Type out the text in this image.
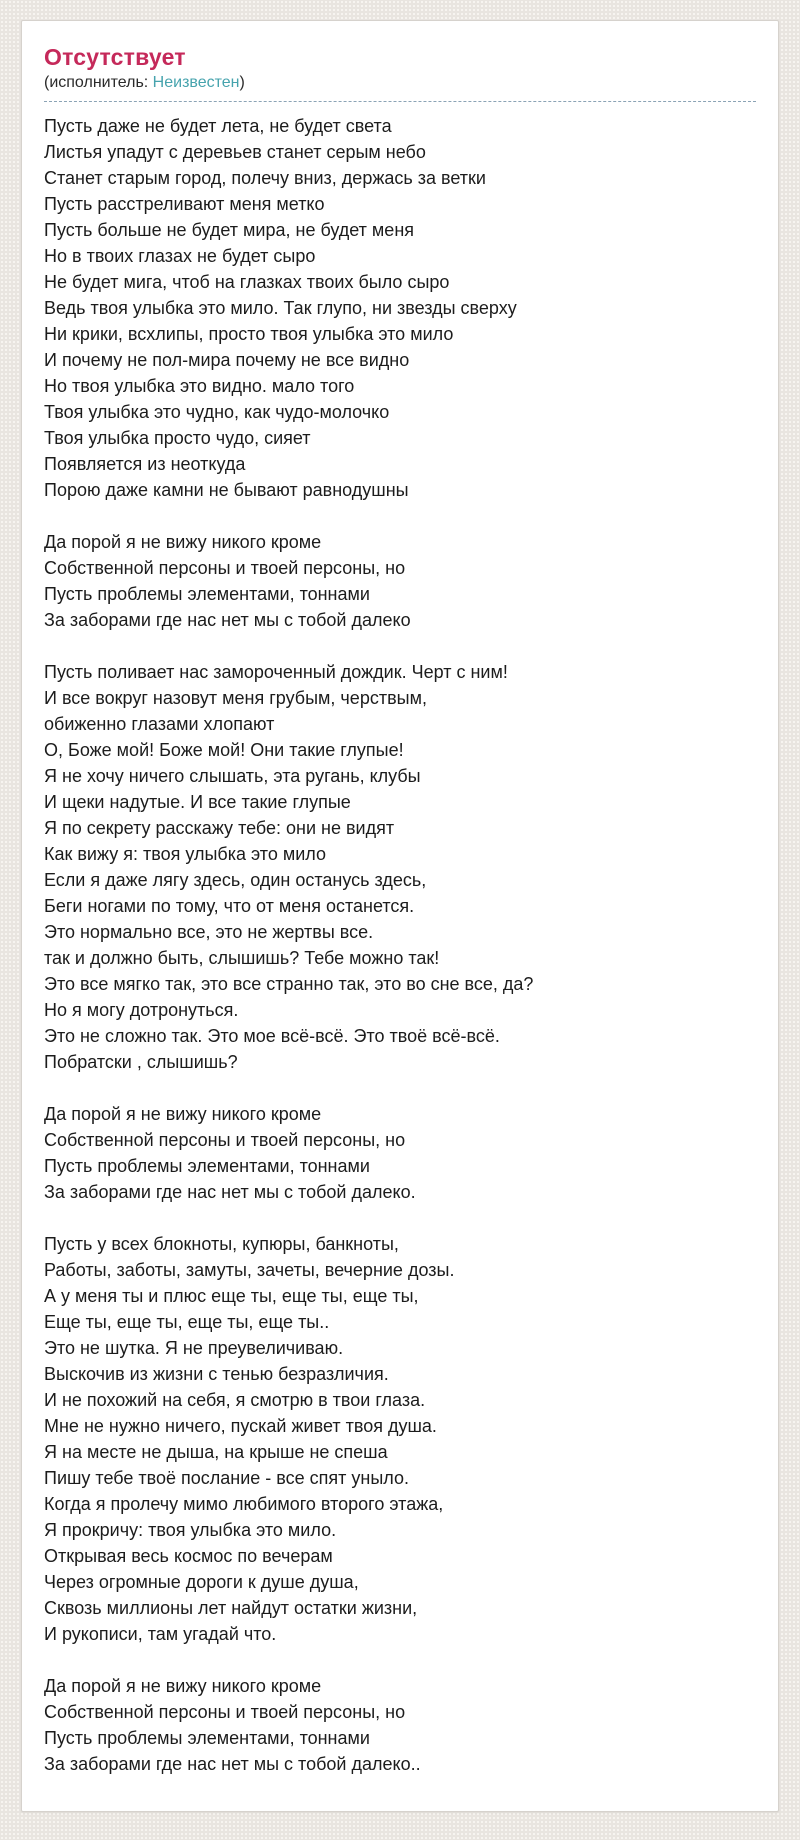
Отсутствует

(исполнитель: Неизвестен)

Пусть даже не будет лета, не будет света
Листья упадут с деревьев станет серым небо
Станет старым город, полечу вниз, держась за ветки
Пусть расстреливают меня метко
Пусть больше не будет мира, не будет меня
Но в твоих глазах не будет сыро
Не будет мига, чтоб на глазках твоих было сыро
Ведь твоя улыбка это мило. Так глупо, ни звезды сверху
Ни крики, всхлипы, просто твоя улыбка это мило
И почему не пол-мира почему не все видно
Но твоя улыбка это видно. мало того
Твоя улыбка это чудно, как чудо-молочко
Твоя улыбка просто чудо, сияет
Появляется из неоткуда
Порою даже камни не бывают равнодушны

Да порой я не вижу никого кроме
Собственной персоны и твоей персоны, но
Пусть проблемы элементами, тоннами
За заборами где нас нет мы с тобой далеко

Пусть поливает нас замороченный дождик. Черт с ним!
И все вокруг назовут меня грубым, черствым,
обиженно глазами хлопают
О, Боже мой! Боже мой! Они такие глупые!
Я не хочу ничего слышать, эта ругань, клубы
И щеки надутые. И все такие глупые
Я по секрету расскажу тебе: они не видят
Как вижу я: твоя улыбка это мило
Если я даже лягу здесь, один останусь здесь,
Беги ногами по тому, что от меня останется.
Это нормально все, это не жертвы все.
так и должно быть, слышишь? Тебе можно так!
Это все мягко так, это все странно так, это во сне все, да?
Но я могу дотронуться.
Это не сложно так. Это мое всё-всё. Это твоё всё-всё.
Побратски , слышишь?

Да порой я не вижу никого кроме
Собственной персоны и твоей персоны, но
Пусть проблемы элементами, тоннами
За заборами где нас нет мы с тобой далеко.

Пусть у всех блокноты, купюры, банкноты,
Работы, заботы, замуты, зачеты, вечерние дозы.
А у меня ты и плюс еще ты, еще ты, еще ты,
Еще ты, еще ты, еще ты, еще ты..
Это не шутка. Я не преувеличиваю.
Выскочив из жизни с тенью безразличия.
И не похожий на себя, я смотрю в твои глаза.
Мне не нужно ничего, пускай живет твоя душа.
Я на месте не дыша, на крыше не спеша
Пишу тебе твоё послание - все спят уныло.
Когда я пролечу мимо любимого второго этажа,
Я прокричу: твоя улыбка это мило.
Открывая весь космос по вечерам
Через огромные дороги к душе душа,
Сквозь миллионы лет найдут остатки жизни,
И рукописи, там угадай что.

Да порой я не вижу никого кроме
Собственной персоны и твоей персоны, но
Пусть проблемы элементами, тоннами
За заборами где нас нет мы с тобой далеко..
